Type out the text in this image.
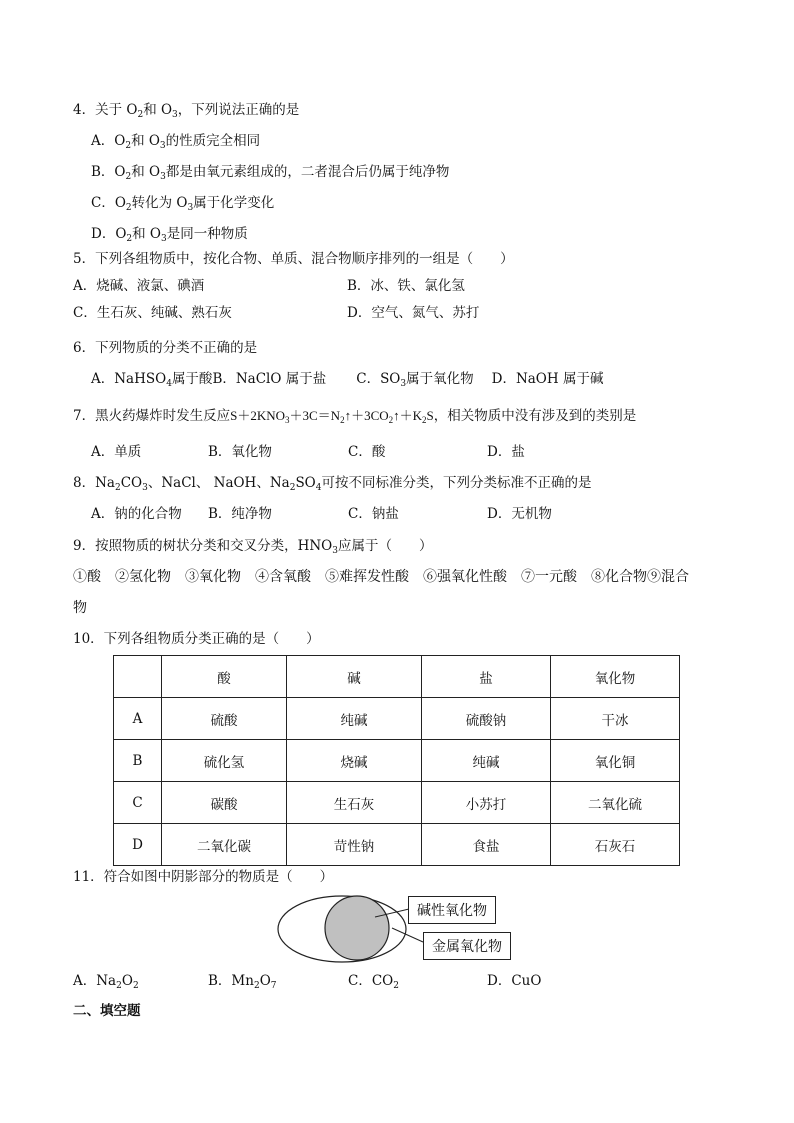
4．关于 $O_2$和 $O_3$，下列说法正确的是
A．$O_2$和 $O_3$的性质完全相同
B．$O_2$和 $O_3$都是由氧元素组成的，二者混合后仍属于纯净物
C．$O_2$转化为 $O_3$属于化学变化
D．$O_2$和 $O_3$是同一种物质
5．下列各组物质中，按化合物、单质、混合物顺序排列的一组是（　　）
A．烧碱、液氯、碘酒	B．冰、铁、氯化氢
C．生石灰、纯碱、熟石灰	D．空气、氮气、苏打
6．下列物质的分类不正确的是
A．NaHSO$_4$属于酸B．NaClO 属于盐 C．$SO_3$属于氧化物 D．NaOH 属于碱
7．黑火药爆炸时发生反应$S+2KNO_3+3C=N_2↑+3CO_2↑+K_2S$，相关物质中没有涉及到的类别是
A．单质	B．氧化物	C．酸	D．盐
8．$Na_2CO_3$、NaCl、 NaOH、$Na_2SO_4$可按不同标准分类，下列分类标准不正确的是
A．钠的化合物 B．纯净物	C．钠盐	D．无机物
9．按照物质的树状分类和交叉分类，$HNO_3$应属于（　　）
①酸　②氢化物　③氧化物　④含氧酸　⑤难挥发性酸　⑥强氧化性酸　⑦一元酸　⑧化合物⑨混合
物
10．下列各组物质分类正确的是（　　）
	酸	碱	盐	氧化物
A	硫酸	纯碱	硫酸钠	干冰
B	硫化氢	烧碱	纯碱	氧化铜
C	碳酸	生石灰	小苏打	二氧化硫
D	二氧化碳	苛性钠	食盐	石灰石
11．符合如图中阴影部分的物质是（　　）
碱性氧化物
金属氧化物
A．$Na_2O_2$	B．$Mn_2O_7$	C．$CO_2$	D．CuO
二、填空题
